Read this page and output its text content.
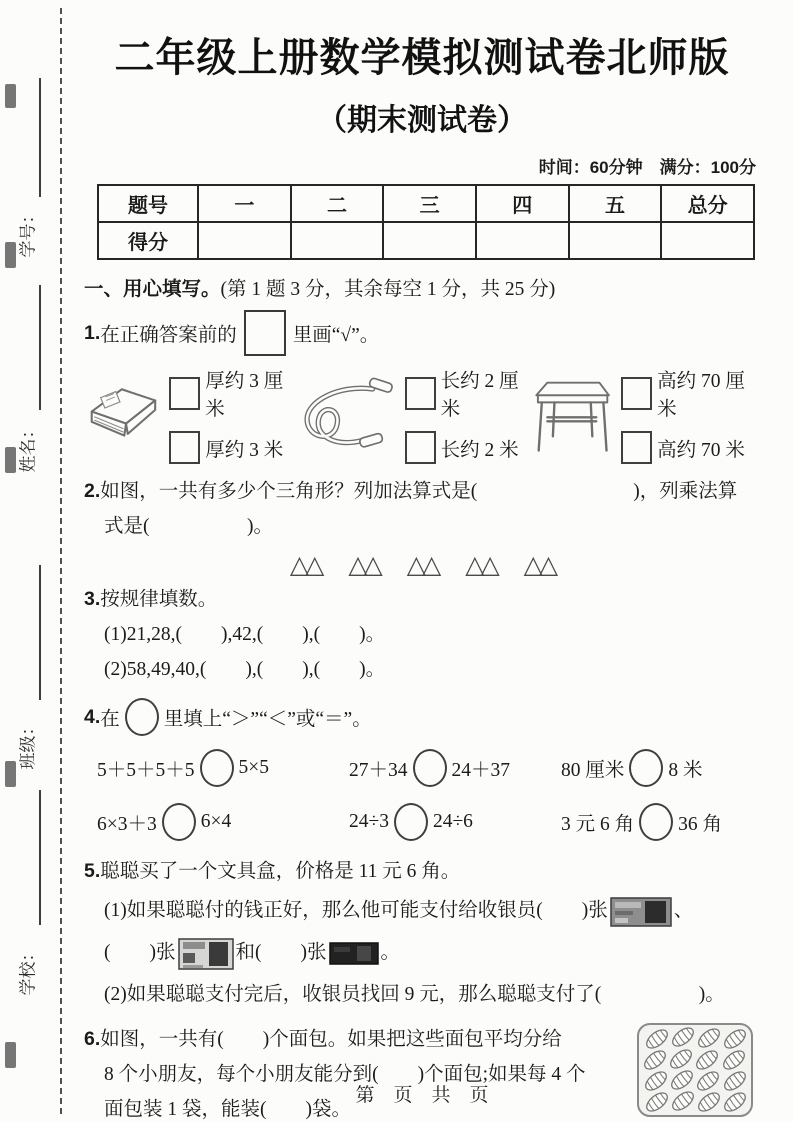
学号：
姓名：
班级：
学校：
二年级上册数学模拟测试卷北师版
（期末测试卷）
时间：60分钟　满分：100分
题号	一	二	三	四	五	总分
得分						
一、用心填写。(第 1 题 3 分，其余每空 1 分，共 25 分)
1. 在正确答案前的	里画“√”。
厚约 3 厘米
厚约 3 米
长约 2 厘米
长约 2 米
高约 70 厘米
高约 70 米
2.如图，一共有多少个三角形？列加法算式是(　　　　　　　　)，列乘法算
式是(　　　　　)。
△△ △△ △△ △△ △△
3.按规律填数。
(1)21,28,(　　),42,(　　),(　　)。
(2)58,49,40,(　　),(　　),(　　)。
4. 在 里填上“＞”“＜”或“＝”。
5＋5＋5＋5 5×5	27＋34 24＋37	80 厘米 8 米
6×3＋3 6×4	24÷3 24÷6	3 元 6 角 36 角
5.聪聪买了一个文具盒，价格是 11 元 6 角。
(1)如果聪聪付的钱正好，那么他可能支付给收银员(　　)张	、
(　　)张	和(　　)张	。
(2)如果聪聪支付完后，收银员找回 9 元，那么聪聪支付了(　　　　　)。
6.如图，一共有(　　)个面包。如果把这些面包平均分给
8 个小朋友，每个小朋友能分到(　　)个面包;如果每 4 个
面包装 1 袋，能装(　　)袋。
第　页　共　页
